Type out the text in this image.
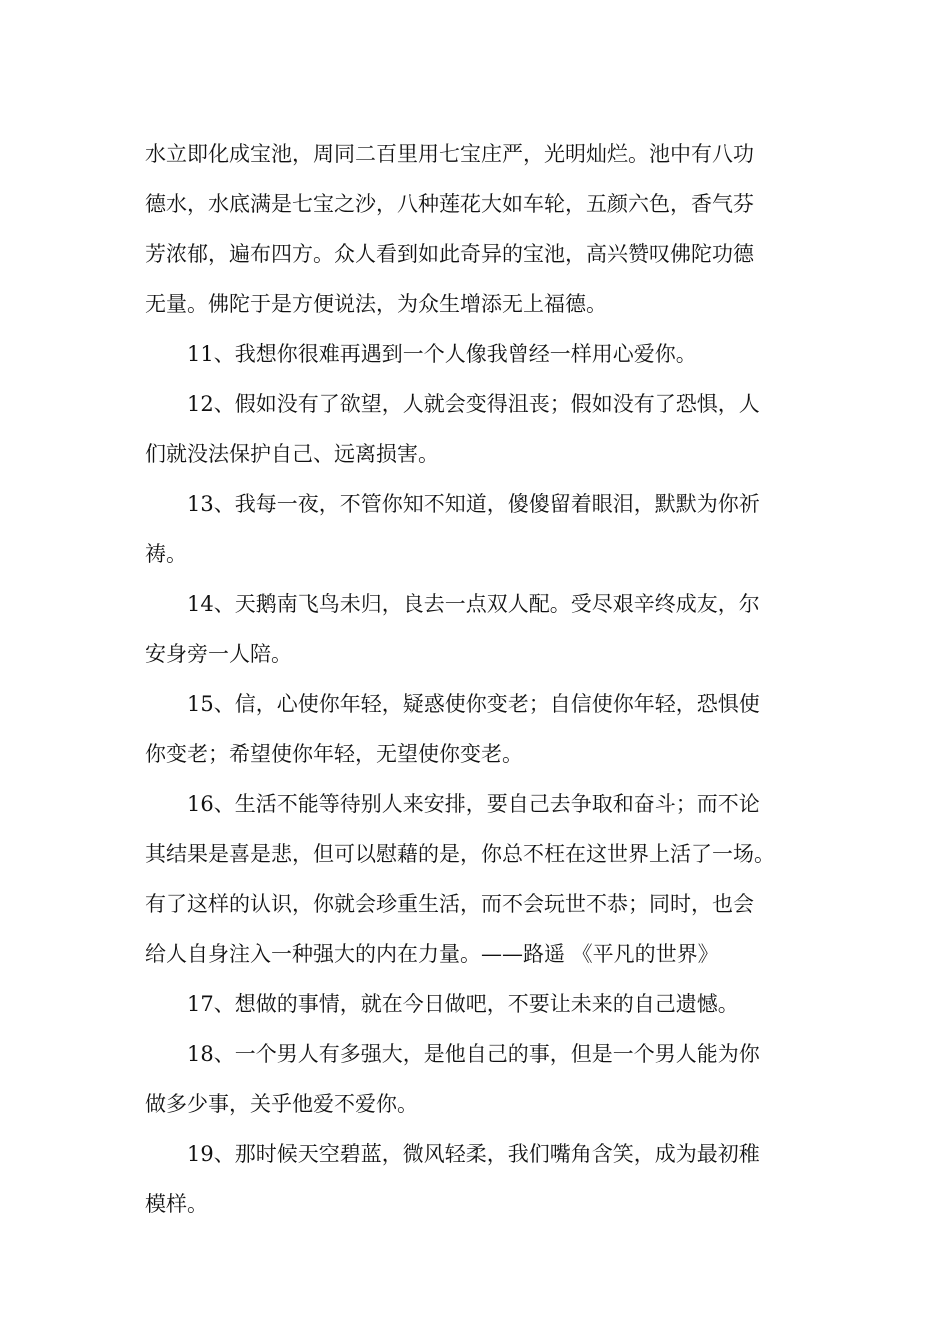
水立即化成宝池，周同二百里用七宝庄严，光明灿烂。池中有八功
德水，水底满是七宝之沙，八种莲花大如车轮，五颜六色，香气芬
芳浓郁，遍布四方。众人看到如此奇异的宝池，高兴赞叹佛陀功德
无量。佛陀于是方便说法，为众生增添无上福德。
11、我想你很难再遇到一个人像我曾经一样用心爱你。
12、假如没有了欲望，人就会变得沮丧；假如没有了恐惧，人
们就没法保护自己、远离损害。
13、我每一夜，不管你知不知道，傻傻留着眼泪，默默为你祈
祷。
14、天鹅南飞鸟未归，良去一点双人配。受尽艰辛终成友，尔
安身旁一人陪。
15、信，心使你年轻，疑惑使你变老；自信使你年轻，恐惧使
你变老；希望使你年轻，无望使你变老。
16、生活不能等待别人来安排，要自己去争取和奋斗；而不论
其结果是喜是悲，但可以慰藉的是，你总不枉在这世界上活了一场。
有了这样的认识，你就会珍重生活，而不会玩世不恭；同时，也会
给人自身注入一种强大的内在力量。——路遥 《平凡的世界》
17、想做的事情，就在今日做吧，不要让未来的自己遗憾。
18、一个男人有多强大，是他自己的事，但是一个男人能为你
做多少事，关乎他爱不爱你。
19、那时候天空碧蓝，微风轻柔，我们嘴角含笑，成为最初稚
模样。
